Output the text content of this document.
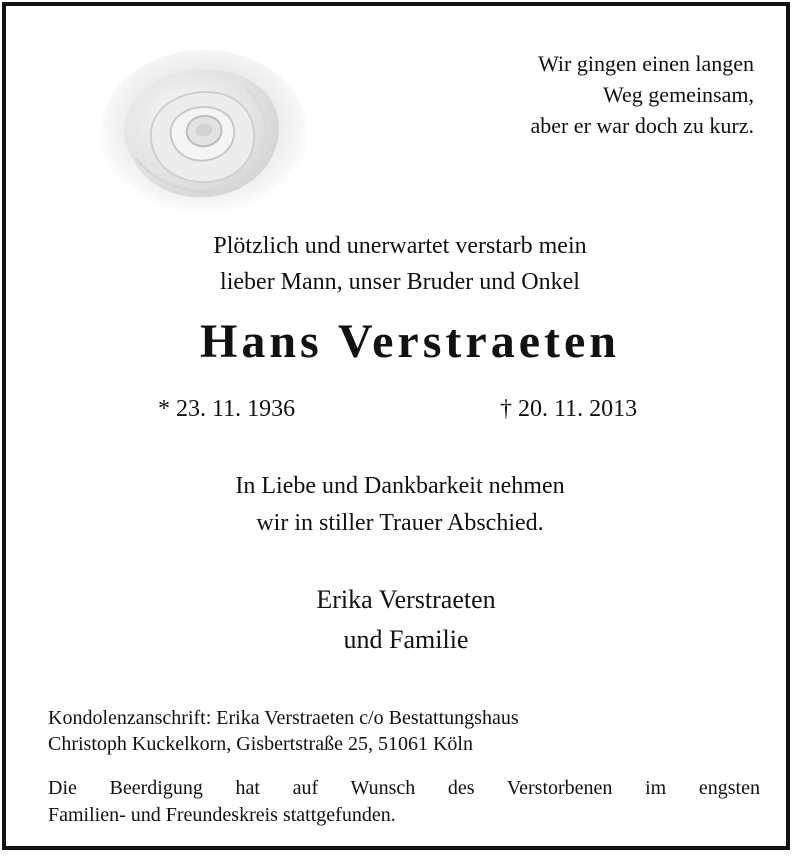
Wir gingen einen langen
Weg gemeinsam,
aber er war doch zu kurz.
Plötzlich und unerwartet verstarb mein
lieber Mann, unser Bruder und Onkel
Hans Verstraeten
* 23. 11. 1936	† 20. 11. 2013
In Liebe und Dankbarkeit nehmen
wir in stiller Trauer Abschied.
Erika Verstraeten
und Familie
Kondolenzanschrift: Erika Verstraeten c/o Bestattungshaus
Christoph Kuckelkorn, Gisbertstraße 25, 51061 Köln
Die Beerdigung hat auf Wunsch des Verstorbenen im engsten
Familien- und Freundeskreis stattgefunden.
